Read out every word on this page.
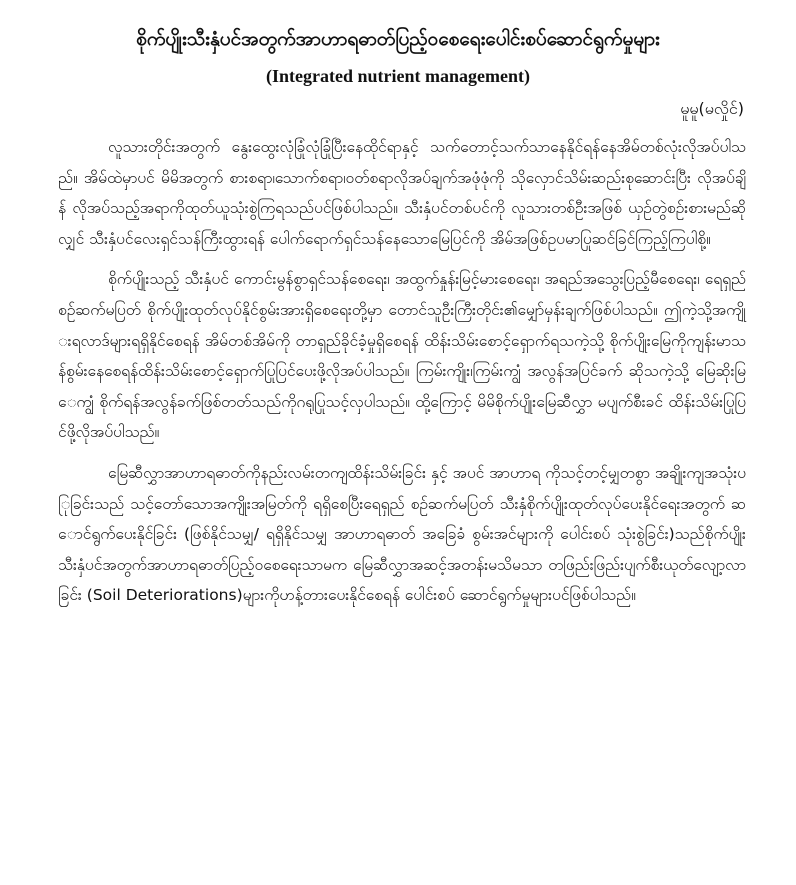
စိုက်ပျိုးသီးနှံပင်အတွက်အာဟာရဓာတ်ပြည့်ဝစေရေးပေါင်းစပ်ဆောင်ရွက်မှုများ
(Integrated nutrient management)
မူမူ(မလှိုင်)

လူသားတိုင်းအတွက် နွေးထွေးလုံခြုံလုံခြုံပြီးနေထိုင်ရာနှင့် သက်တောင့်သက်သာနေနိုင်ရန်နေအိမ်တစ်လုံးလိုအပ်ပါသည်။ အိမ်ထဲမှာပင် မိမိအတွက် စားစရာ၊သောက်စရာ၊ဝတ်စရာလိုအပ်ချက်အဖုံဖုံကို သိုလှောင်သိမ်းဆည်းစုဆောင်းပြီး လိုအပ်ချိန် လိုအပ်သည့်အရာကိုထုတ်ယူသုံးစွဲကြရသည်ပင်ဖြစ်ပါသည်။ သီးနှံပင်တစ်ပင်ကို လူသားတစ်ဦးအဖြစ် ယှဉ်တွဲစဉ်းစားမည်ဆိုလျှင် သီးနှံပင်လေးရှင်သန်ကြီးထွားရန် ပေါက်ရောက်ရှင်သန်နေသောမြေပြင်ကို အိမ်အဖြစ်ဥပမာပြုဆင်ခြင်ကြည့်ကြပါစို့။

စိုက်ပျိုးသည့် သီးနှံပင် ကောင်းမွန်စွာရှင်သန်စေရေး၊ အထွက်နှုန်းမြင့်မားစေရေး၊ အရည်အသွေးပြည့်မီစေရေး၊ ရေရှည်စဉ်ဆက်မပြတ် စိုက်ပျိုးထုတ်လုပ်နိုင်စွမ်းအားရှိစေရေးတို့မှာ တောင်သူဦးကြီးတိုင်း၏မျှော်မှန်းချက်ဖြစ်ပါသည်။ ဤကဲ့သို့အကျိုးရလာဒ်များရရှိနိုင်စေရန် အိမ်တစ်အိမ်ကို တာရှည်ခိုင်ခံ့မှုရှိစေရန် ထိန်းသိမ်းစောင့်ရှောက်ရသကဲ့သို့ စိုက်ပျိုးမြေကိုကျန်းမာသန်စွမ်းနေစေရန်ထိန်းသိမ်းစောင့်ရှောက်ပြုပြင်ပေးဖို့လိုအပ်ပါသည်။ ကြမ်းကျိုး၊ကြမ်းကျွံ အလွန်အပြင်ခက် ဆိုသကဲ့သို့ မြေဆိုးမြေကျွံ စိုက်ရန်အလွန်ခက်ဖြစ်တတ်သည်ကိုဂရုပြုသင့်လှပါသည်။ ထို့ကြောင့် မိမိစိုက်ပျိုးမြေဆီလွှာ မပျက်စီးခင် ထိန်းသိမ်းပြုပြင်ဖို့လိုအပ်ပါသည်။

မြေဆီလွှာအာဟာရဓာတ်ကိုနည်းလမ်းတကျထိန်းသိမ်းခြင်း နှင့် အပင် အာဟာရ ကိုသင့်တင့်မျှတစွာ အချိုးကျအသုံးပြုခြင်းသည် သင့်တော်သောအကျိုးအမြတ်ကို ရရှိစေပြီးရေရှည် စဉ်ဆက်မပြတ် သီးနှံစိုက်ပျိုးထုတ်လုပ်ပေးနိုင်ရေးအတွက် ဆောင်ရွက်ပေးနိုင်ခြင်း (ဖြစ်နိုင်သမျှ/ ရရှိနိုင်သမျှ အာဟာရဓာတ် အခြေခံ စွမ်းအင်များကို ပေါင်းစပ် သုံးစွဲခြင်း)သည်စိုက်ပျိုးသီးနှံပင်အတွက်အာဟာရဓာတ်ပြည့်ဝစေရေးသာမက မြေဆီလွှာအဆင့်အတန်းမသိမသာ တဖြည်းဖြည်းပျက်စီးယုတ်လျော့လာခြင်း (Soil Deteriorations)များကိုဟန့်တားပေးနိုင်စေရန် ပေါင်းစပ် ဆောင်ရွက်မှုများပင်ဖြစ်ပါသည်။
